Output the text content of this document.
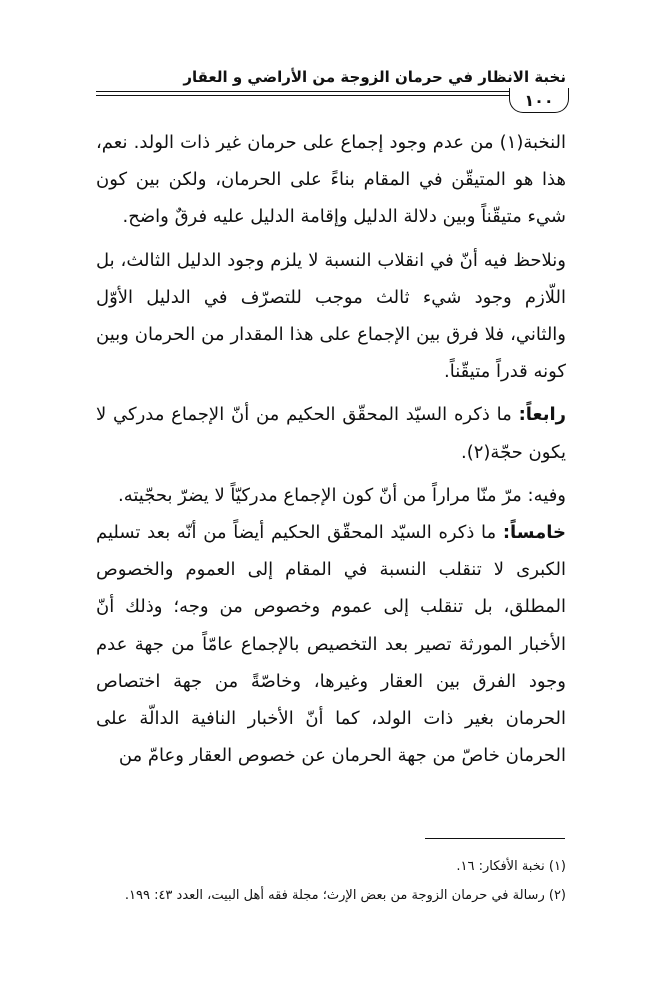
نخبة الانظار في حرمان الزوجة من الأراضي و العقار
١٠٠

النخبة(١) من عدم وجود إجماع على حرمان غير ذات الولد. نعم، هذا هو المتيقّن في المقام بناءً على الحرمان، ولكن بين كون شيء متيقّناً وبين دلالة الدليل وإقامة الدليل عليه فرقٌ واضح.

ونلاحظ فيه أنّ في انقلاب النسبة لا يلزم وجود الدليل الثالث، بل اللّازم وجود شيء ثالث موجب للتصرّف في الدليل الأوّل والثاني، فلا فرق بين الإجماع على هذا المقدار من الحرمان وبين كونه قدراً متيقّناً.

رابعاً: ما ذكره السيّد المحقّق الحكيم من أنّ الإجماع مدركي لا يكون حجّة(٢).

وفيه: مرّ منّا مراراً من أنّ كون الإجماع مدركيّاً لا يضرّ بحجّيته.

خامساً: ما ذكره السيّد المحقّق الحكيم أيضاً من أنّه بعد تسليم الكبرى لا تنقلب النسبة في المقام إلى العموم والخصوص المطلق، بل تنقلب إلى عموم وخصوص من وجه؛ وذلك أنّ الأخبار المورثة تصير بعد التخصيص بالإجماع عامّاً من جهة عدم وجود الفرق بين العقار وغيرها، وخاصّةً من جهة اختصاص الحرمان بغير ذات الولد، كما أنّ الأخبار النافية الدالّة على الحرمان خاصّ من جهة الحرمان عن خصوص العقار وعامّ من

(١) نخبة الأفكار: ١٦.

(٢) رسالة في حرمان الزوجة من بعض الإرث؛ مجلة فقه أهل البيت، العدد ٤٣: ١٩٩.
